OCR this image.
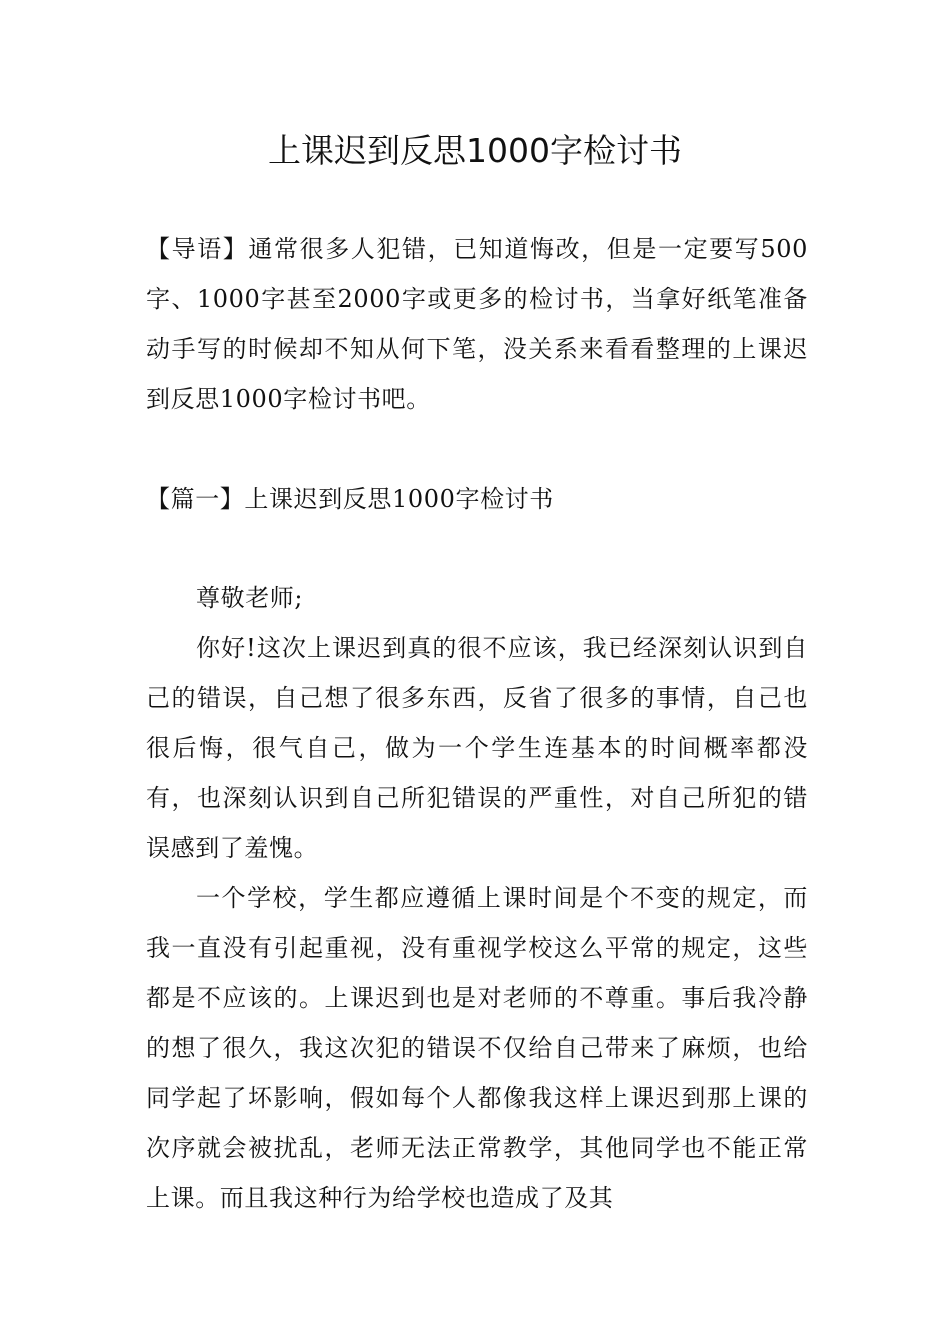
上课迟到反思1000字检讨书

【导语】通常很多人犯错，已知道悔改，但是一定要写500字、1000字甚至2000字或更多的检讨书，当拿好纸笔准备动手写的时候却不知从何下笔，没关系来看看整理的上课迟到反思1000字检讨书吧。

【篇一】上课迟到反思1000字检讨书

尊敬老师;

你好!这次上课迟到真的很不应该，我已经深刻认识到自己的错误，自己想了很多东西，反省了很多的事情，自己也很后悔，很气自己，做为一个学生连基本的时间概率都没有，也深刻认识到自己所犯错误的严重性，对自己所犯的错误感到了羞愧。

一个学校，学生都应遵循上课时间是个不变的规定，而我一直没有引起重视，没有重视学校这么平常的规定，这些都是不应该的。上课迟到也是对老师的不尊重。事后我冷静的想了很久，我这次犯的错误不仅给自己带来了麻烦，也给同学起了坏影响，假如每个人都像我这样上课迟到那上课的次序就会被扰乱，老师无法正常教学，其他同学也不能正常上课。而且我这种行为给学校也造成了及其
